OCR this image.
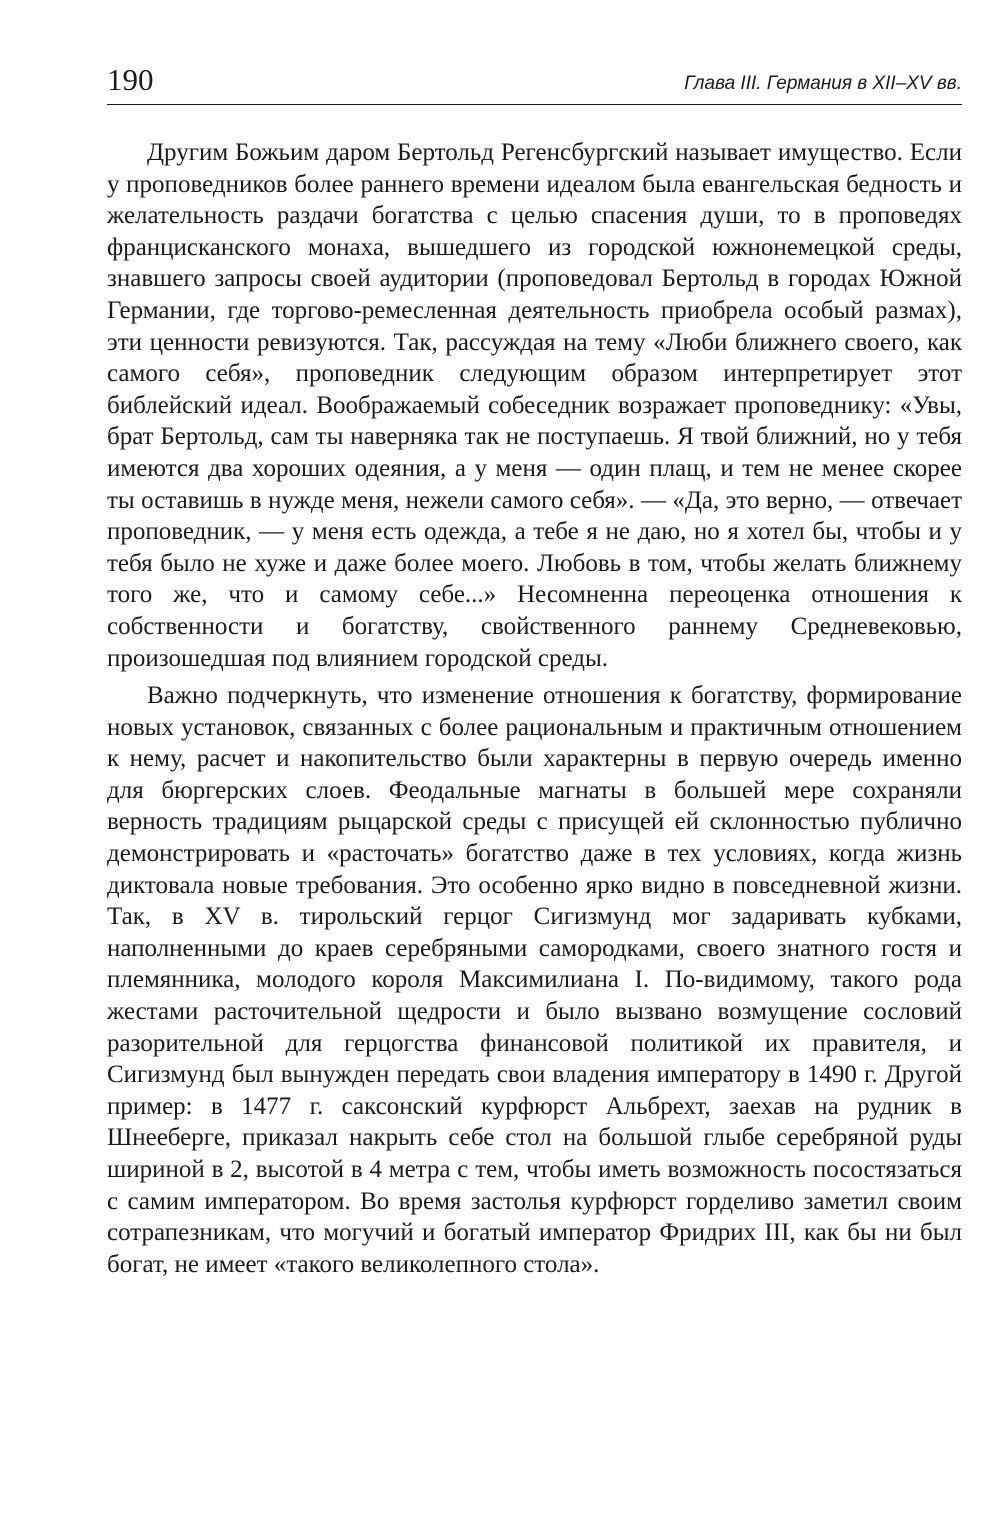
190	Глава III. Германия в XII–XV вв.

Другим Божьим даром Бертольд Регенсбургский называет имущество. Если у проповедников более раннего времени идеалом была евангельская бедность и желательность раздачи богатства с целью спасения души, то в проповедях францисканского монаха, вышедшего из городской южнонемецкой среды, знавшего запросы своей аудитории (проповедовал Бертольд в городах Южной Германии, где торгово-ремесленная деятельность приобрела особый размах), эти ценности ревизуются. Так, рассуждая на тему «Люби ближнего своего, как самого себя», проповедник следующим образом интерпретирует этот библейский идеал. Воображаемый собеседник возражает проповеднику: «Увы, брат Бертольд, сам ты наверняка так не поступаешь. Я твой ближний, но у тебя имеются два хороших одеяния, а у меня — один плащ, и тем не менее скорее ты оставишь в нужде меня, нежели самого себя». — «Да, это верно, — отвечает проповедник, — у меня есть одежда, а тебе я не даю, но я хотел бы, чтобы и у тебя было не хуже и даже более моего. Любовь в том, чтобы желать ближнему того же, что и самому себе...» Несомненна переоценка отношения к собственности и богатству, свойственного раннему Средневековью, произошедшая под влиянием городской среды.

Важно подчеркнуть, что изменение отношения к богатству, формирование новых установок, связанных с более рациональным и практичным отношением к нему, расчет и накопительство были характерны в первую очередь именно для бюргерских слоев. Феодальные магнаты в большей мере сохраняли верность традициям рыцарской среды с присущей ей склонностью публично демонстрировать и «расточать» богатство даже в тех условиях, когда жизнь диктовала новые требования. Это особенно ярко видно в повседневной жизни. Так, в XV в. тирольский герцог Сигизмунд мог задаривать кубками, наполненными до краев серебряными самородками, своего знатного гостя и племянника, молодого короля Максимилиана I. По-видимому, такого рода жестами расточительной щедрости и было вызвано возмущение сословий разорительной для герцогства финансовой политикой их правителя, и Сигизмунд был вынужден передать свои владения императору в 1490 г. Другой пример: в 1477 г. саксонский курфюрст Альбрехт, заехав на рудник в Шнееберге, приказал накрыть себе стол на большой глыбе серебряной руды шириной в 2, высотой в 4 метра с тем, чтобы иметь возможность посостязаться с самим императором. Во время застолья курфюрст горделиво заметил своим сотрапезникам, что могучий и богатый император Фридрих III, как бы ни был богат, не имеет «такого великолепного стола».
